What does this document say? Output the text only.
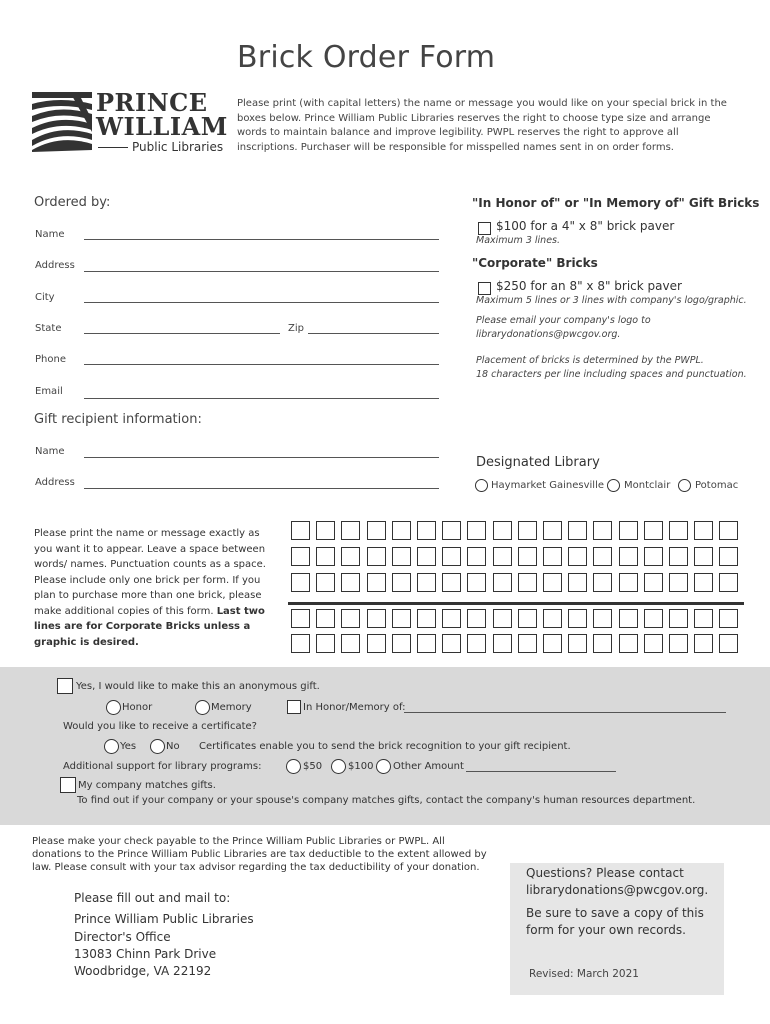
Brick Order Form
Please print (with capital letters) the name or message you would like on your special brick in the boxes below. Prince William Public Libraries reserves the right to choose type size and arrange words to maintain balance and improve legibility. PWPL reserves the right to approve all inscriptions. Purchaser will be responsible for misspelled names sent in on order forms.
PRINCE
WILLIAM
Public Libraries
Ordered by:
Name
Address
City
State	Zip
Phone
Email
Gift recipient information:
Name
Address
"In Honor of" or "In Memory of" Gift Bricks
$100 for a 4" x 8" brick paver
Maximum 3 lines.
"Corporate" Bricks
$250 for an 8" x 8" brick paver
Maximum 5 lines or 3 lines with company's logo/graphic.
Please email your company's logo to
librarydonations@pwcgov.org.
Placement of bricks is determined by the PWPL.
18 characters per line including spaces and punctuation.
Designated Library
Haymarket Gainesville Montclair Potomac
Please print the name or message exactly as you want it to appear. Leave a space between words/ names. Punctuation counts as a space. Please include only one brick per form. If you plan to purchase more than one brick, please make additional copies of this form. Last two lines are for Corporate Bricks unless a graphic is desired.
Yes, I would like to make this an anonymous gift.
Honor	Memory	In Honor/Memory of:
Would you like to receive a certificate?
Yes	No Certificates enable you to send the brick recognition to your gift recipient.
Additional support for library programs:	$50	$100 Other Amount
My company matches gifts.
To find out if your company or your spouse's company matches gifts, contact the company's human resources department.
Please make your check payable to the Prince William Public Libraries or PWPL. All donations to the Prince William Public Libraries are tax deductible to the extent allowed by law. Please consult with your tax advisor regarding the tax deductibility of your donation.
Please fill out and mail to:
Prince William Public Libraries
Director's Office
13083 Chinn Park Drive
Woodbridge, VA 22192
Questions? Please contact
librarydonations@pwcgov.org.
Be sure to save a copy of this
form for your own records.
Revised: March 2021
